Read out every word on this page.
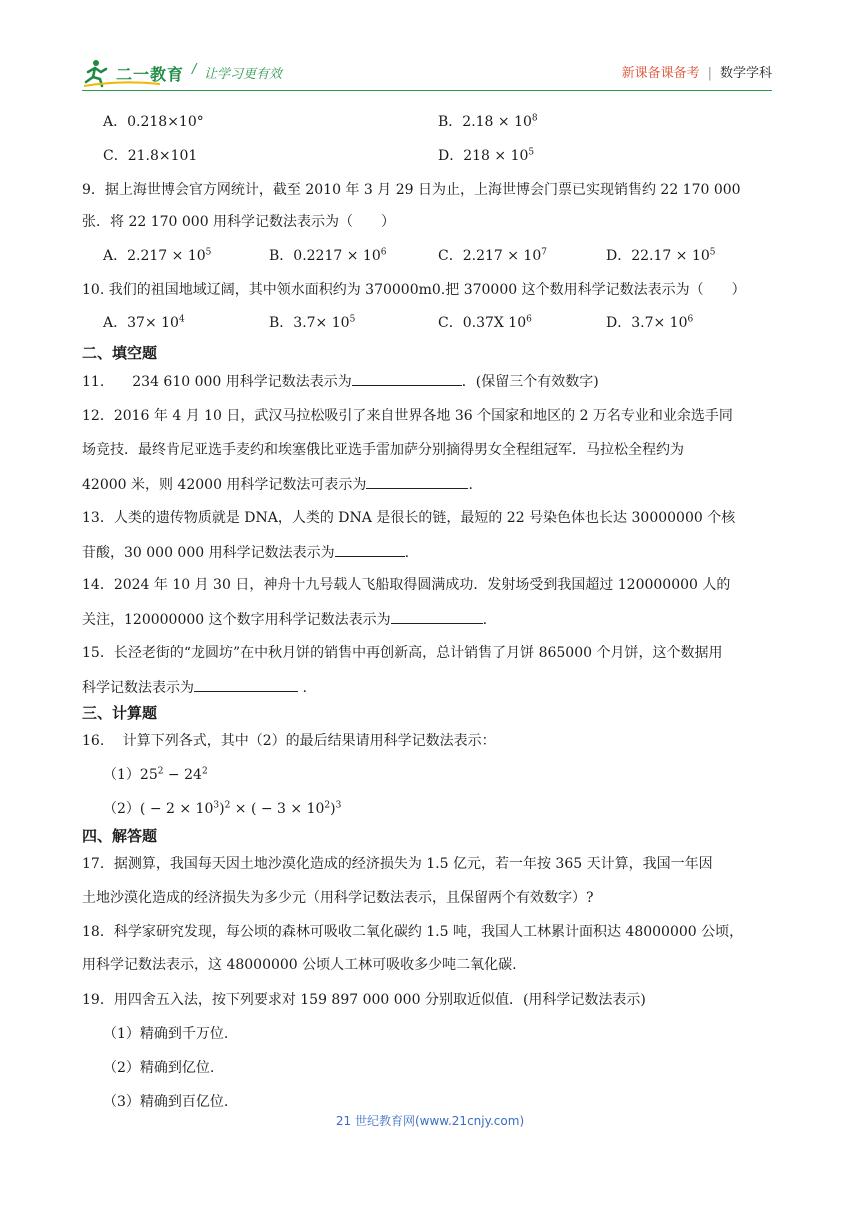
二一教育 / 让学习更有效	新课备课备考 | 数学学科
A．0.218×10°	B．$2.18 \times 10^8$
C．21.8×101	D．$218 \times 10^5$
9．据上海世博会官方网统计，截至 2010 年 3 月 29 日为止，上海世博会门票已实现销售约 22 170 000
张．将 22 170 000 用科学记数法表示为（　　）
A．$2.217 \times 10^5$	B．$0.2217 \times 10^6$	C．$2.217 \times 10^7$	D．$22.17 \times 10^5$
10. 我们的祖国地域辽阔，其中领水面积约为 370000m0.把 370000 这个数用科学记数法表示为（　　）
A．$37\times 10^4$	B．$3.7\times 10^5$	C．0.37X $10^6$	D．$3.7\times 10^6$
二、填空题
11.　　234 610 000 用科学记数法表示为	．(保留三个有效数字)
12．2016 年 4 月 10 日，武汉马拉松吸引了来自世界各地 36 个国家和地区的 2 万名专业和业余选手同
场竞技．最终肯尼亚选手麦约和埃塞俄比亚选手雷加萨分别摘得男女全程组冠军．马拉松全程约为
42000 米，则 42000 用科学记数法可表示为	.
13．人类的遗传物质就是 DNA，人类的 DNA 是很长的链，最短的 22 号染色体也长达 30000000 个核
苷酸，30 000 000 用科学记数法表示为	.
14．2024 年 10 月 30 日，神舟十九号载人飞船取得圆满成功．发射场受到我国超过 120000000 人的
关注，120000000 这个数字用科学记数法表示为	.
15．长泾老街的“龙圆坊”在中秋月饼的销售中再创新高，总计销售了月饼 865000 个月饼，这个数据用
科学记数法表示为	.
三、计算题
16.　 计算下列各式，其中（2）的最后结果请用科学记数法表示：
$(1)25^2 - 24^2$
$(2)( - 2 \times 10^3)^2$ × ( − $3 \times 10^2)^3$
四、解答题
17．据测算，我国每天因土地沙漠化造成的经济损失为 1.5 亿元，若一年按 365 天计算，我国一年因
土地沙漠化造成的经济损失为多少元（用科学记数法表示，且保留两个有效数字）?
18．科学家研究发现，每公顷的森林可吸收二氧化碳约 1.5 吨，我国人工林累计面积达 48000000 公顷，
用科学记数法表示，这 48000000 公顷人工林可吸收多少吨二氧化碳.
19．用四舍五入法，按下列要求对 159 897 000 000 分别取近似值．(用科学记数法表示)
（1）精确到千万位.
（2）精确到亿位.
（3）精确到百亿位.
21 世纪教育网(www.21cnjy.com)
